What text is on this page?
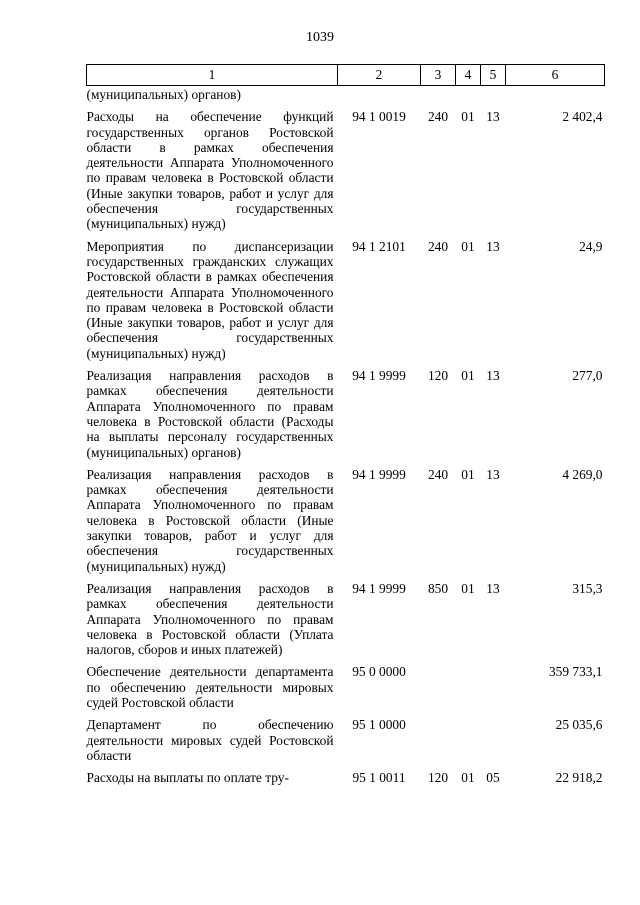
1039
1	2	3	4	5	6
(муниципальных) органов)					
Расходы на обеспечение функций государственных органов Ростовской области в рамках обеспечения деятельности Аппарата Уполномоченного по правам человека в Ростовской области (Иные закупки товаров, работ и услуг для обеспечения государственных (муниципальных) нужд)	94 1 0019	240	01	13	2 402,4
Мероприятия по диспансеризации государственных гражданских служащих Ростовской области в рамках обеспечения деятельности Аппарата Уполномоченного по правам человека в Ростовской области (Иные закупки товаров, работ и услуг для обеспечения государственных (муниципальных) нужд)	94 1 2101	240	01	13	24,9
Реализация направления расходов в рамках обеспечения деятельности Аппарата Уполномоченного по правам человека в Ростовской области (Расходы на выплаты персоналу государственных (муниципальных) органов)	94 1 9999	120	01	13	277,0
Реализация направления расходов в рамках обеспечения деятельности Аппарата Уполномоченного по правам человека в Ростовской области (Иные закупки товаров, работ и услуг для обеспечения государственных (муниципальных) нужд)	94 1 9999	240	01	13	4 269,0
Реализация направления расходов в рамках обеспечения деятельности Аппарата Уполномоченного по правам человека в Ростовской области (Уплата налогов, сборов и иных платежей)	94 1 9999	850	01	13	315,3
Обеспечение деятельности департамента по обеспечению деятельности мировых судей Ростовской области	95 0 0000				359 733,1
Департамент по обеспечению деятельности мировых судей Ростовской области	95 1 0000				25 035,6
Расходы на выплаты по оплате тру-	95 1 0011	120	01	05	22 918,2
